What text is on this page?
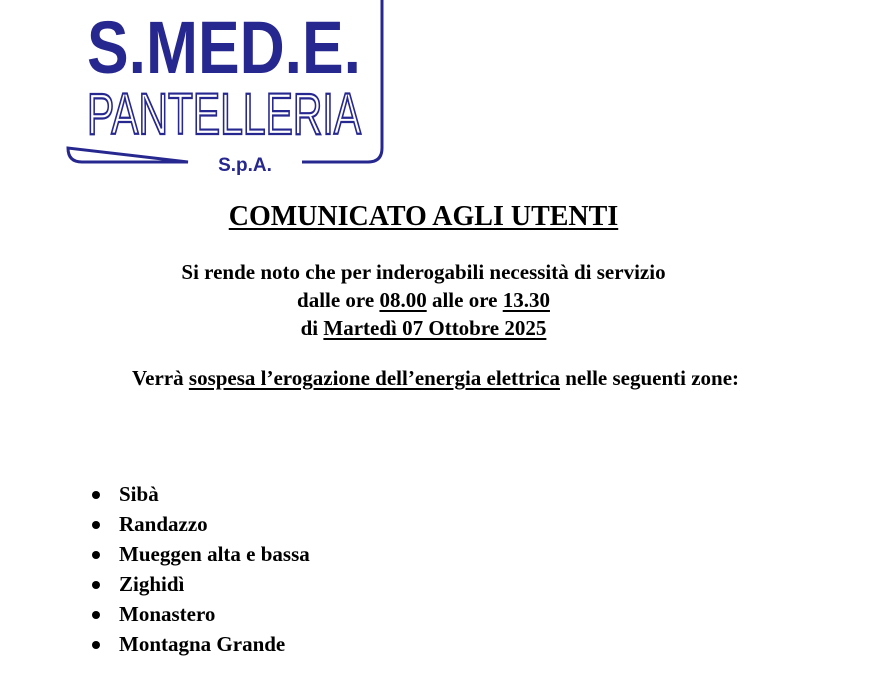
S.MED.E.
PANTELLERIA
S.p.A.
COMUNICATO AGLI UTENTI
Si rende noto che per inderogabili necessità di servizio
dalle ore 08.00 alle ore 13.30
di Martedì 07 Ottobre 2025
Verrà sospesa l’erogazione dell’energia elettrica nelle seguenti zone:
Sibà
Randazzo
Mueggen alta e bassa
Zighidì
Monastero
Montagna Grande
